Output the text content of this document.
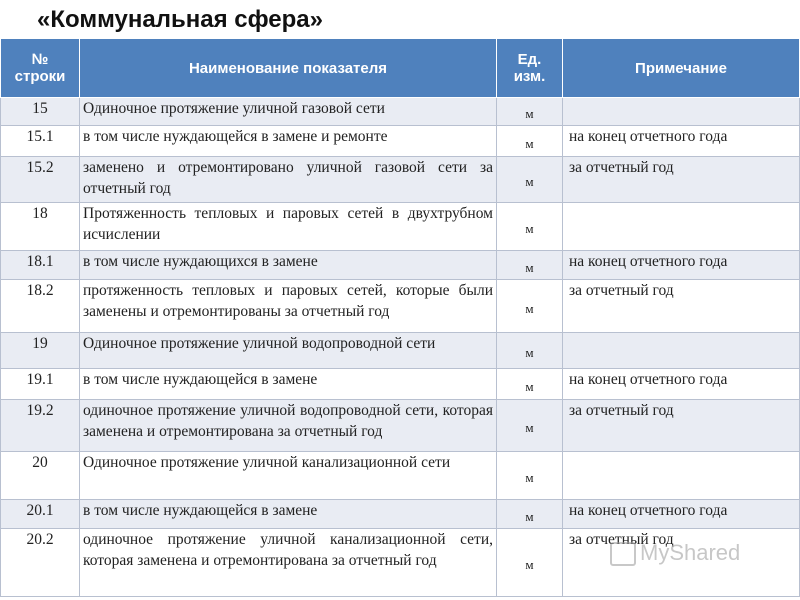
«Коммунальная сфера»
№ строки	Наименование показателя	Ед. изм.	Примечание
15	Одиночное протяжение уличной газовой сети	м	
15.1	в том числе нуждающейся в замене и ремонте	м	на конец отчетного года
15.2	заменено и отремонтировано уличной газовой сети за отчетный год	м	за отчетный год
18	Протяженность тепловых и паровых сетей в двухтрубном исчислении	м	
18.1	в том числе нуждающихся в замене	м	на конец отчетного года
18.2	протяженность тепловых и паровых сетей, которые были заменены и отремонтированы за отчетный год	м	за отчетный год
19	Одиночное протяжение уличной водопроводной сети	м	
19.1	в том числе нуждающейся в замене	м	на конец отчетного года
19.2	одиночное протяжение уличной водопроводной сети, которая заменена и отремонтирована за отчетный год	м	за отчетный год
20	Одиночное протяжение уличной канализационной сети	м	
20.1	в том числе нуждающейся в замене	м	на конец отчетного года
20.2	одиночное протяжение уличной канализационной сети, которая заменена и отремонтирована за отчетный год	м	за отчетный год
MyShared
